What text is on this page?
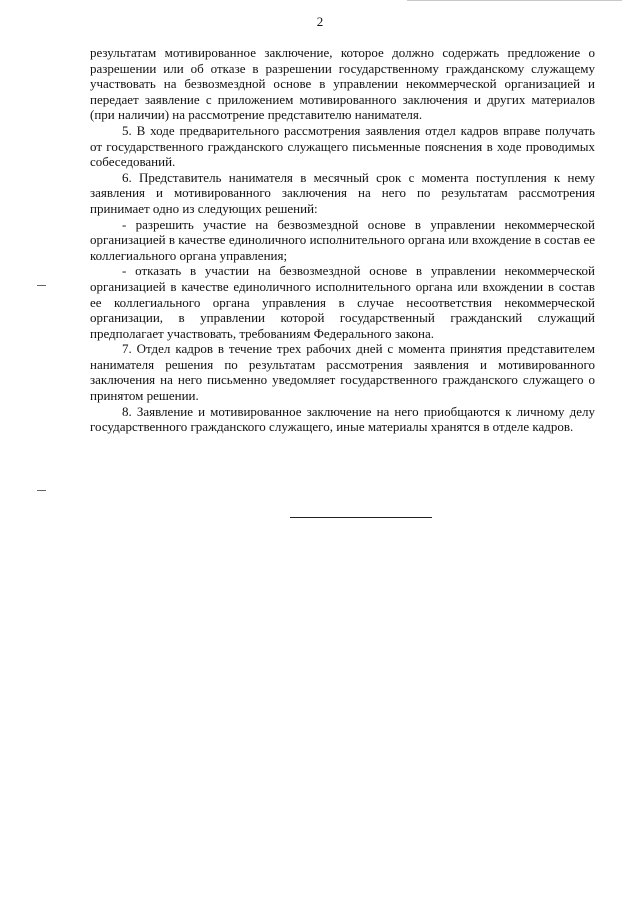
2

результатам мотивированное заключение, которое должно содержать предложение о разрешении или об отказе в разрешении государственному гражданскому служащему участвовать на безвозмездной основе в управлении некоммерческой организацией и передает заявление с приложением мотивированного заключения и других материалов (при наличии) на рассмотрение представителю нанимателя.

5. В ходе предварительного рассмотрения заявления отдел кадров вправе получать от государственного гражданского служащего письменные пояснения в ходе проводимых собеседований.

6. Представитель нанимателя в месячный срок с момента поступления к нему заявления и мотивированного заключения на него по результатам рассмотрения принимает одно из следующих решений:

- разрешить участие на безвозмездной основе в управлении некоммерческой организацией в качестве единоличного исполнительного органа или вхождение в состав ее коллегиального органа управления;

- отказать в участии на безвозмездной основе в управлении некоммерческой организацией в качестве единоличного исполнительного органа или вхождении в состав ее коллегиального органа управления в случае несоответствия некоммерческой организации, в управлении которой государственный гражданский служащий предполагает участвовать, требованиям Федерального закона.

7. Отдел кадров в течение трех рабочих дней с момента принятия представителем нанимателя решения по результатам рассмотрения заявления и мотивированного заключения на него письменно уведомляет государственного гражданского служащего о принятом решении.

8. Заявление и мотивированное заключение на него приобщаются к личному делу государственного гражданского служащего, иные материалы хранятся в отделе кадров.
